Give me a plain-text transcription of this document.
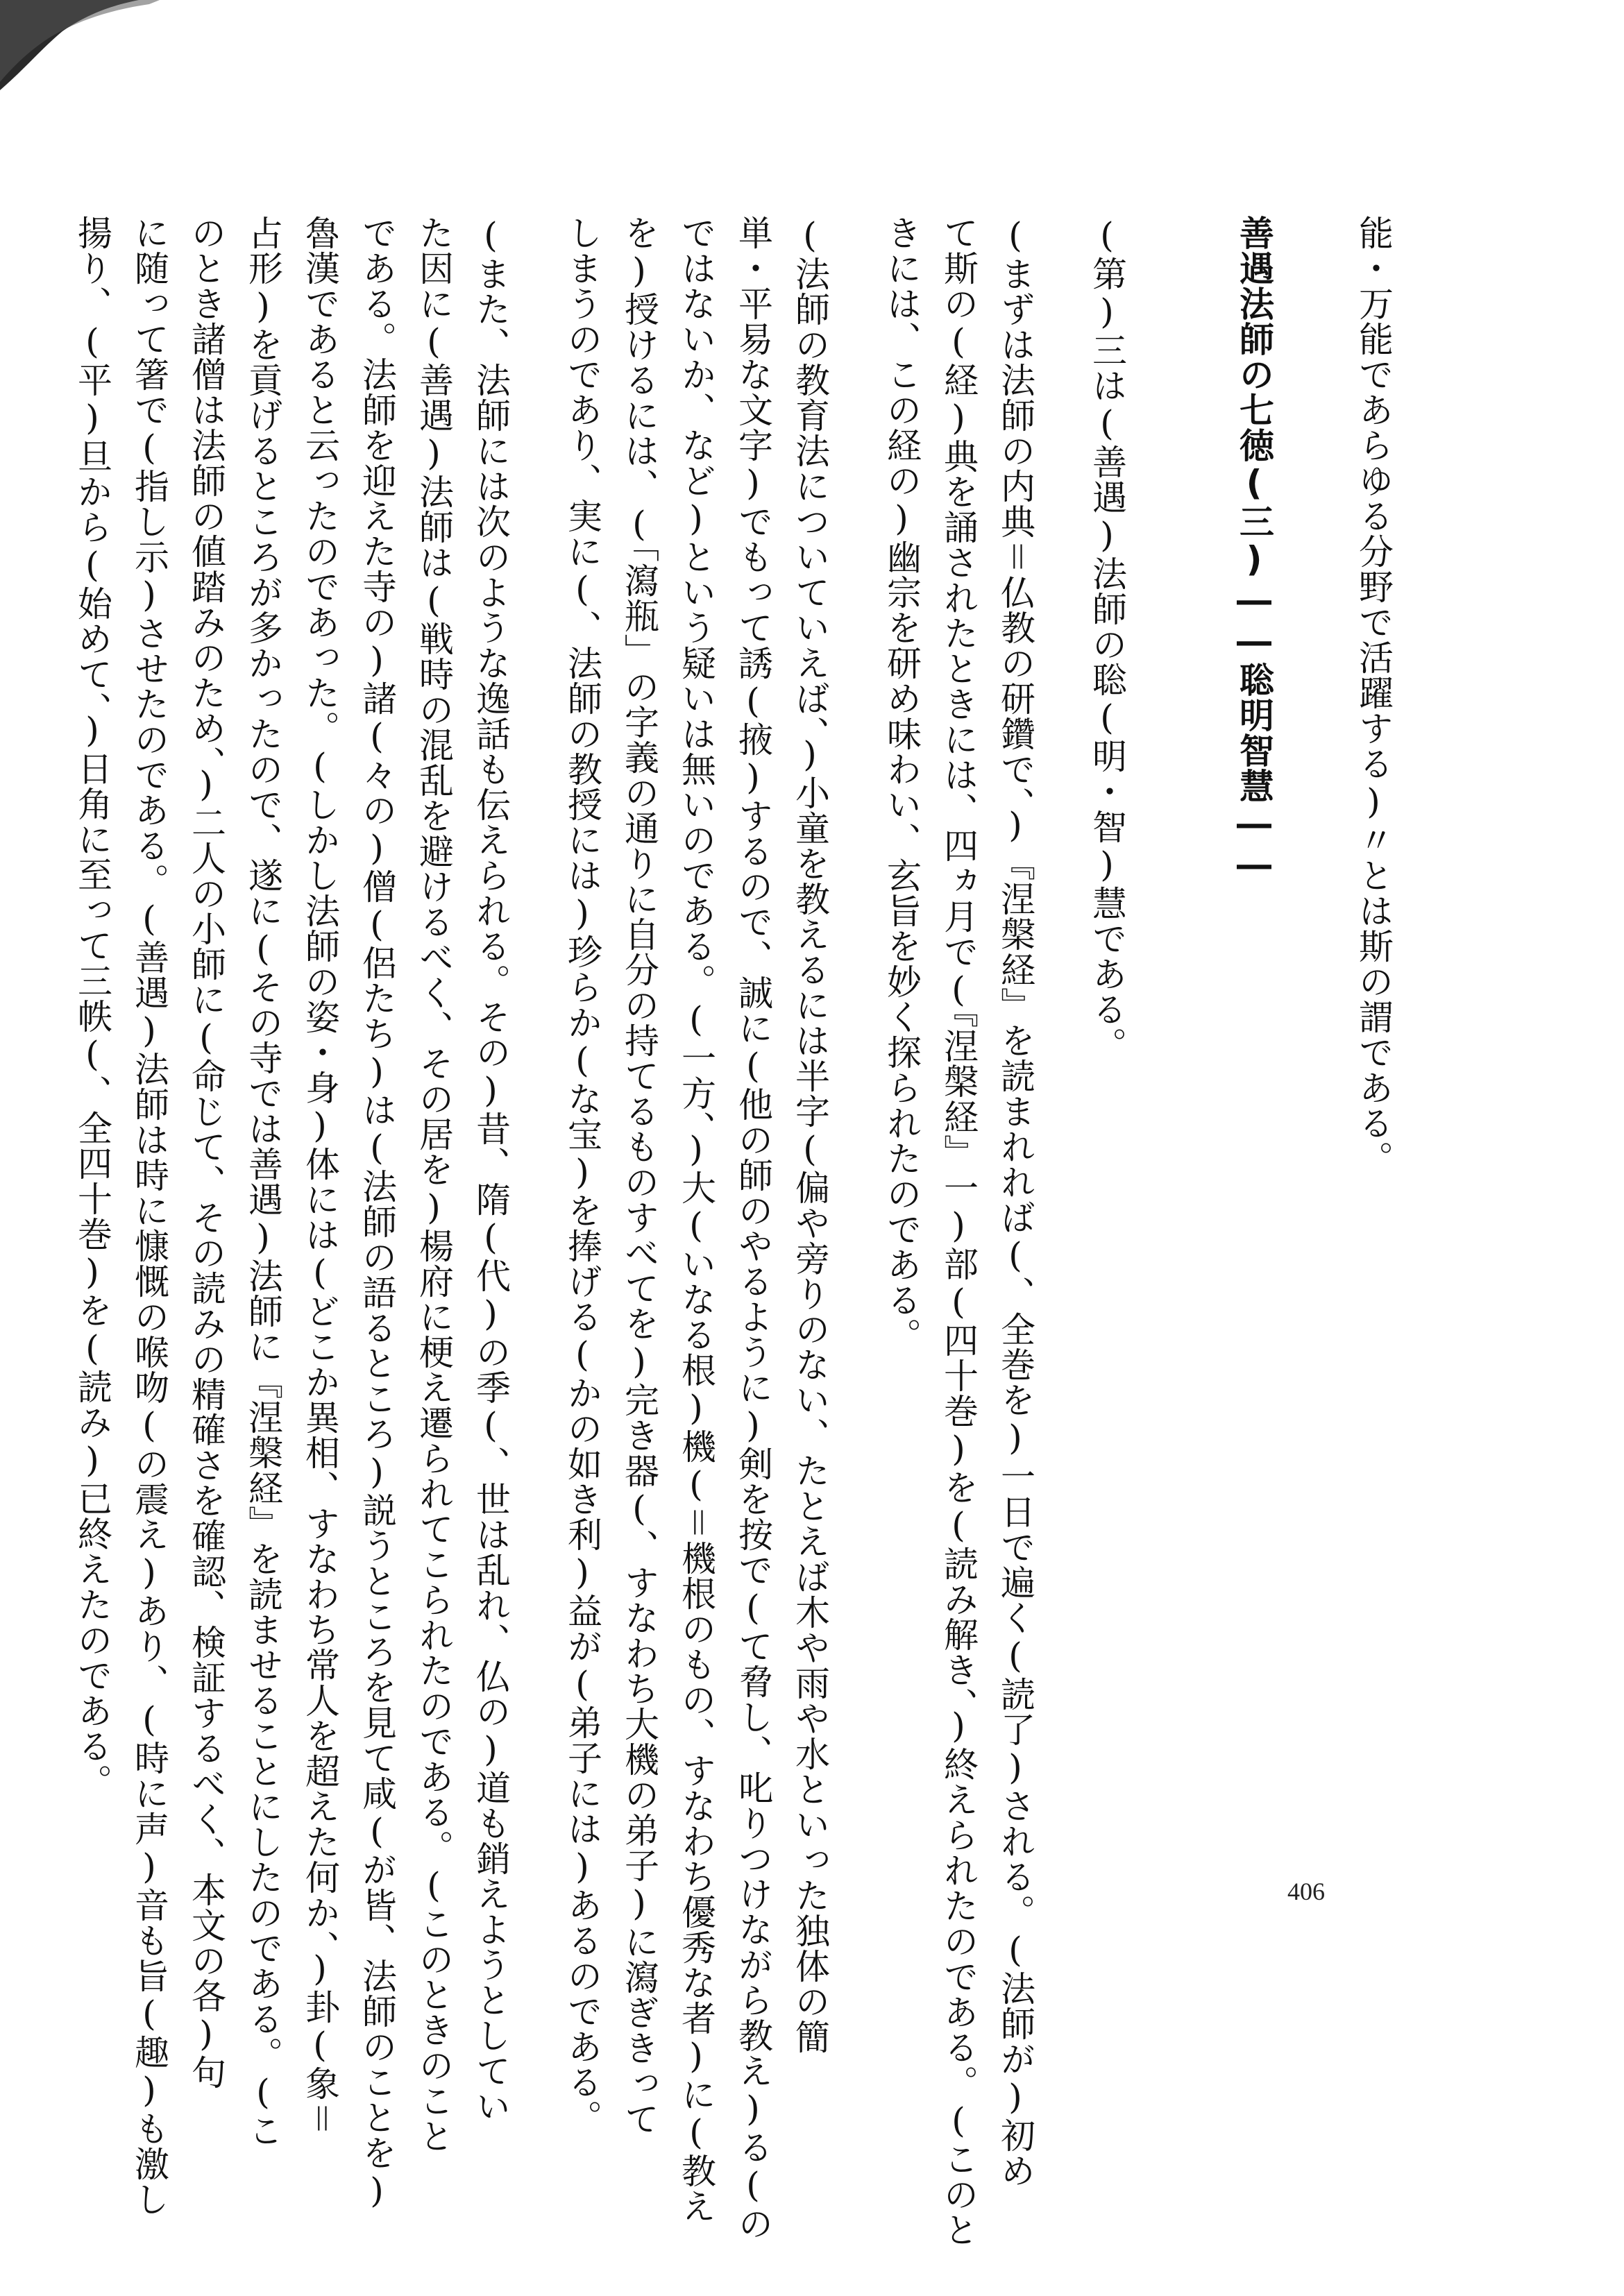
能・万能であらゆる分野で活躍する)〃とは斯の謂である。
善遇法師の七徳(三)――聡明智慧――
(第)三は(善遇)法師の聡(明・智)慧である。
(まずは法師の内典＝仏教の研鑽で、)『涅槃経』を読まれれば(、全巻を)一日で遍く(読了)される。(法師が)初め
て斯の(経)典を誦されたときには、四ヵ月で(『涅槃経』一)部(四十巻)を(読み解き、)終えられたのである。(このと
きには、この経の)幽宗を研め味わい、玄旨を妙く探られたのである。
(法師の教育法についていえば、)小童を教えるには半字(偏や旁りのない、たとえば木や雨や水といった独体の簡
単・平易な文字)でもって誘(掖)するので、誠に(他の師のやるように)剣を按で(て脅し、叱りつけながら教え)る(の
ではないか、など)という疑いは無いのである。(一方、)大(いなる根)機(＝機根のもの、すなわち優秀な者)に(教え
を)授けるには、(「瀉瓶」の字義の通りに自分の持てるものすべてを)完き器(、すなわち大機の弟子)に瀉ぎきって
しまうのであり、実に(、法師の教授には)珍らか(な宝)を捧げる(かの如き利)益が(弟子には)あるのである。
(また、法師には次のような逸話も伝えられる。その)昔、隋(代)の季(、世は乱れ、仏の)道も銷えようとしてい
た因に(善遇)法師は(戦時の混乱を避けるべく、その居を)楊府に梗え遷られてこられたのである。(このときのこと
である。法師を迎えた寺の)諸(々の)僧(侶たち)は(法師の語るところ)説うところを見て咸(が皆、法師のことを)
魯漢であると云ったのであった。(しかし法師の姿・身)体には(どこか異相、すなわち常人を超えた何か、)卦(象＝
占形)を貢げるところが多かったので、遂に(その寺では善遇)法師に『涅槃経』を読ませることにしたのである。(こ
のとき諸僧は法師の値踏みのため、)二人の小師に(命じて、その読みの精確さを確認、検証するべく、本文の各)句
に随って箸で(指し示)させたのである。(善遇)法師は時に慷慨の喉吻(の震え)あり、(時に声)音も旨(趣)も激し
揚り、(平)旦から(始めて、)日角に至って三帙(、全四十巻)を(読み)已終えたのである。
406
